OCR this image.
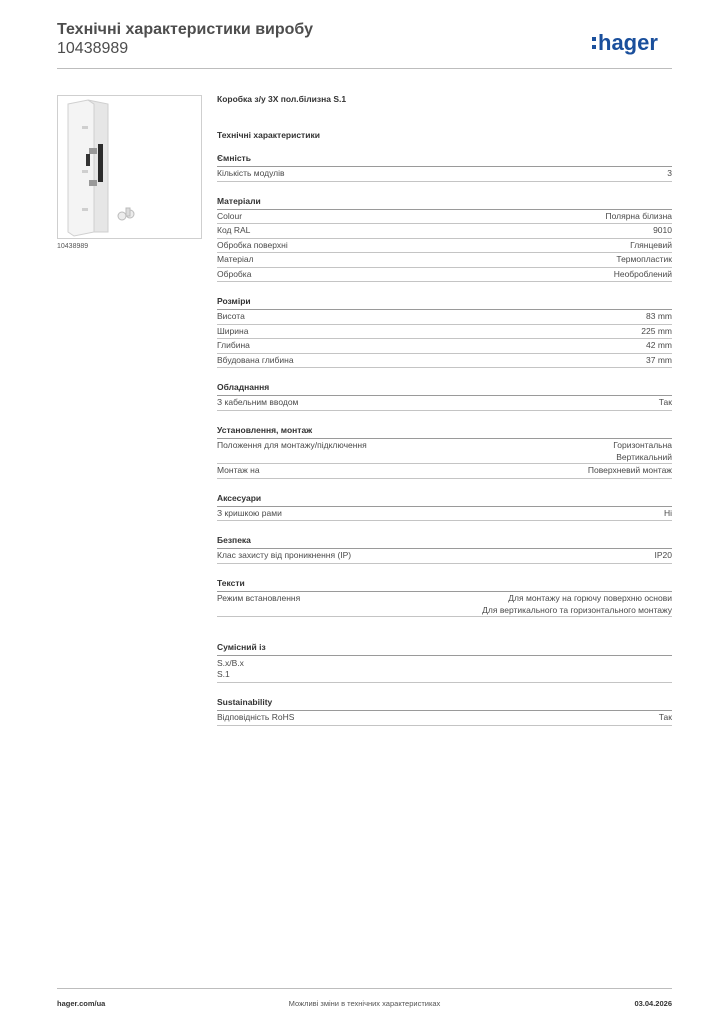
Технічні характеристики виробу
10438989	hager
10438989
Коробка з/у 3Х пол.білизна S.1
Технічні характеристики
Ємність
Кількість модулів	3
Матеріали
Colour	Полярна білизна
Код RAL	9010
Обробка поверхні	Глянцевий
Матеріал	Термопластик
Обробка	Необроблений
Розміри
Висота	83 mm
Ширина	225 mm
Глибина	42 mm
Вбудована глибина	37 mm
Обладнання
З кабельним вводом	Так
Установлення, монтаж
Положення для монтажу/підключення	Горизонтальна
Вертикальний
Монтаж на	Поверхневий монтаж
Аксесуари
З кришкою рами	Ні
Безпека
Клас захисту від проникнення (IP)	IP20
Тексти
Режим встановлення	Для монтажу на горючу поверхню основи
Для вертикального та горизонтального монтажу
Сумісний із
S.x/B.x
S.1
Sustainability
Відповідність RoHS	Так
hager.com/ua	Можливі зміни в технічних характеристиках	03.04.2026
